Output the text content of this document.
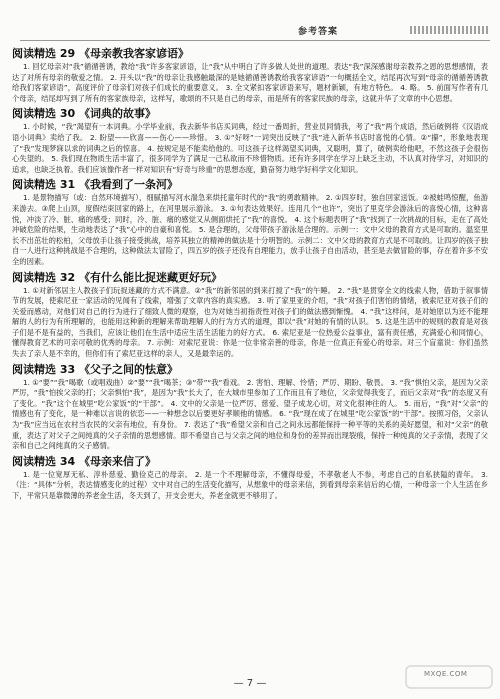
参考答案
阅读精选 29 《母亲教我客家谚语》

1. 回忆母亲对“我”循循善诱，教给“我”许多客家谚语，让“我”从中明白了许多做人处世的道理。表达“我”深深感谢母亲教养之恩的思想感情，表达了对所有母亲的敬爱之情。 2. 开头以“我”的母亲让我感触最深的是她循循善诱教给我客家谚语”一句概括全文，结尾再次写到“母亲的循循善诱教给我们客家谚语”，高度评价了母亲们对孩子们成长的重要意义。 3. 全文紧扣客家谚语来写，题材新颖，有地方特色。 4. 略。 5. 前面写作者有几个母亲，结尾却写到了所有的客家族母亲，这样写，歌颂的不只是自己的母亲，而是所有的客家民族的母亲，这就升华了文章的中心思想。

阅读精选 30 《词典的故事》

1. 小时候，“我”渴望有一本词典。小学毕业前，我去新华书店买词典，经过一番周折，营业员同情我，考了“我”两个成语，然后破例将《汉语成语小词典》卖给了我。 2. 盼望——欣喜——伤心——珍惜。 3. ①“好呀”一词突出反映了“我”进入新华书店时喜悦的心情。②“攥”，形象地表现了“我”发现梦寐以求的词典之后的惊喜。 4. 按规定是不能卖给他的。可这孩子这样渴望买词典，又聪明，算了，破例卖给他吧，不然这孩子会很伤心失望的。 5. 我们现在物质生活丰富了，很多同学为了满足一己私欲而不珍惜物质。还有许多同学在学习上缺乏主动，不认真对待学习，对知识的追求，也缺乏执着。我们应该像作者一样对知识有“好奇与珍重”的思想态度，勤奋努力地学好科学文化知识。

阅读精选 31 《我看到了一条河》

1. 是景物描写（或：自然环境描写），细腻描写河水湍急来烘托童年时代的“我”的勇敢精神。 2. ①四岁时，独自回家送饭。②被蛙鸣惊醒，鱼游来游去。③爬上山顶，度假结束回家的路上，在河里展示游泳。 3. ①句表达效果好。连用几个“也许”，突出了里克学会游泳后的喜悦心情，这种喜悦，冲淡了冷、脏、痛的感受；同时，冷、脏、痛的感觉又从侧面烘托了“我”的喜悦。 4. 这个标题表明了“我”找到了一次挑战的目标，走在了高处冲破危险的结果，生动地表达了“我”心中的自豪和喜悦。 5. 是合理的，父母带孩子游泳是合理的。示例一：文中父母的教育方式是可取的。温室里长不出茁壮的松柏，父母放手让孩子接受挑战，培养其独立的精神的做法是十分明智的。示例二：文中父母的教育方式是不可取的。让四岁的孩子独自一人进行这种挑战是不合理的，这种做法太冒险了，四五岁的孩子还没有自理能力，放手让孩子自由活动，甚至是去做冒险的事，存在着许多不安全的因素。

阅读精选 32 《有什么能比捉迷藏更好玩》

1. ①对新邻居主人教孩子们玩捉迷藏的方式不满意。②“我”的新邻居的到来打搅了“我”的午睡。 2. “我”是贯穿全文的线索人物，借助于叙事情节的发展，使索尼亚一家活动的见闻有了线索，增强了文章内容的真实感。 3. 听了家里亚的介绍，“我”对孩子们害怕的情绪，被索尼亚对孩子们的关爱而感动，对他们对自己的行为进行了细致人微的观察，也为对她当初指责性对孩子们的做法感到惭愧。 4. “我”这样问，是对她原以为还不能理解的人的行为有所理解的，也能用这种新的理解来帮助理解人的行为方式的道理，即以“我”对她的有情的认识。 5. 这是生活中的规则的教育是对孩子们是不是有益的，当我们，应该让他们在生活中适应生活生活能力的好方式。 6. 索尼亚是一位热爱公益事业，富有责任感，充满爱心和同情心，懂得教育艺术的可亲可敬的优秀的母亲。 7. 示例：对索尼亚说：你是一位非常亲善的母亲，你是一位真正有爱心的母亲。对三个盲童说：你们虽然失去了亲人是不幸的，但你们有了索尼亚这样的亲人，又是最幸运的。

阅读精选 33 《父子之间的怯意》

1. ①“要”“我”喝歌（或唱戏曲）②“要”“我”喝茶；③“带”“我”看戏。 2. 害怕、理解、怜惜；严厉、期盼、敬畏。 3. “我”惧怕父亲，是因为父亲严厉，“我”怕挨父亲的打；父亲惧怕“我”，是因为“我”长大了，在大城市里参加了工作而且有了地位，父亲觉得我变了，而后父亲对“我”的态度又有了变化。“我”这个在城里“吃公家饭”的“干部”。 4. 文中的父亲是一位严厉、慈爱、望子成龙心切，对文化很神往的人。 5. 而后，“我”对“父亲”的情感也有了变化，是一种难以言说的依恋——一种想念以后要更好孝顺他的情感。 6. “我”现在成了在城里“吃公家饭”的“干部”。按照习俗，父亲认为“我”应当远在农村当农民的父亲有地位，有身份。 7. 表达了“我”希望父亲和自己之间永远都能保持一种平等的关系的美好愿望，和对“父亲”的敬重，表达了对父子之间纯真的父子亲情的思想感情。即不希望自己与父亲之间的地位和身份的差异而出现裂痕，保持一种纯真的父子亲情，表现了父亲和自己之间纯真的父子感情。

阅读精选 34 《母亲来信了》

1. 是一位宽厚无私、淳朴慈爱、勤俭克己的母亲。 2. 是一个不理解母亲，不懂得母爱，不孝敬老人不参，考虑自己的自私狭隘的青年。 3.（注：“具体”分析，表达情感变化的过程）文中对自己的生活变化描写，从想象中的母亲来信，到看到母亲来信后的心情，一种母亲一个人生活在乡下，平常只是靠微薄的养老金生活，冬天到了，开支会更大，养老金就更不够用了。

— 7 —
MXQE.COM
